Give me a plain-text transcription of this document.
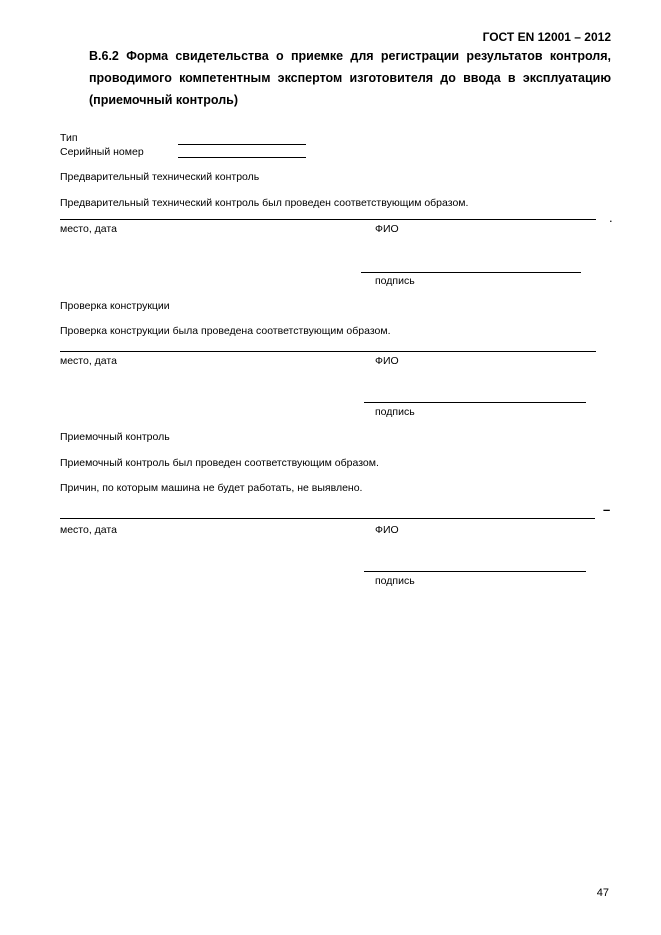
ГОСТ EN 12001 – 2012
В.6.2 Форма свидетельства о приемке для регистрации результатов контроля, проводимого компетентным экспертом изготовителя до ввода в эксплуатацию (приемочный контроль)
Тип
Серийный номер
Предварительный технический контроль
Предварительный технический контроль был проведен соответствующим образом.
.
место, дата	ФИО
подпись
Проверка конструкции
Проверка конструкции была проведена соответствующим образом.
место, дата	ФИО
подпись
Приемочный контроль
Приемочный контроль был проведен соответствующим образом.
Причин, по которым машина не будет работать, не выявлено.
–
место, дата	ФИО
подпись
47
